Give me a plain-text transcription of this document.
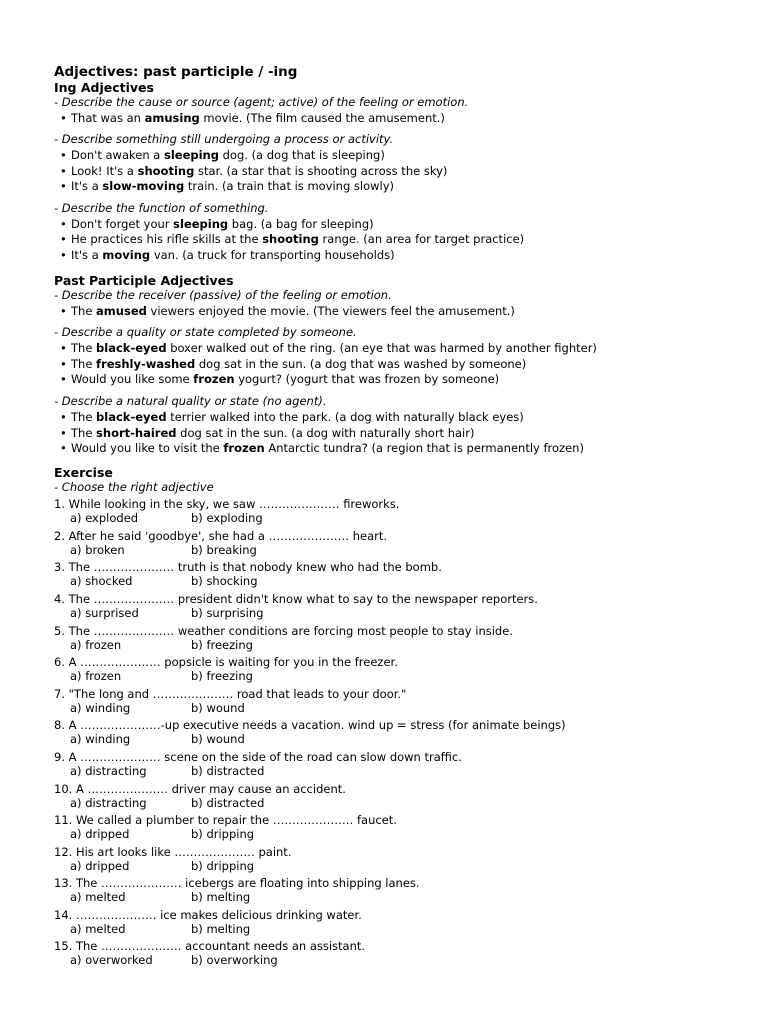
Adjectives: past participle / -ing
Ing Adjectives

- Describe the cause or source (agent; active) of the feeling or emotion.

• That was an amusing movie. (The film caused the amusement.)

- Describe something still undergoing a process or activity.

• Don't awaken a sleeping dog. (a dog that is sleeping)
• Look! It's a shooting star. (a star that is shooting across the sky)
• It's a slow-moving train. (a train that is moving slowly)

- Describe the function of something.

• Don't forget your sleeping bag. (a bag for sleeping)
• He practices his rifle skills at the shooting range. (an area for target practice)
• It's a moving van. (a truck for transporting households)
Past Participle Adjectives

- Describe the receiver (passive) of the feeling or emotion.

• The amused viewers enjoyed the movie. (The viewers feel the amusement.)

- Describe a quality or state completed by someone.

• The black-eyed boxer walked out of the ring. (an eye that was harmed by another fighter)
• The freshly-washed dog sat in the sun. (a dog that was washed by someone)
• Would you like some frozen yogurt? (yogurt that was frozen by someone)

- Describe a natural quality or state (no agent).

• The black-eyed terrier walked into the park. (a dog with naturally black eyes)
• The short-haired dog sat in the sun. (a dog with naturally short hair)
• Would you like to visit the frozen Antarctic tundra? (a region that is permanently frozen)
Exercise

- Choose the right adjective

1. While looking in the sky, we saw ………………… fireworks.

a) exploded	b) exploding

2. After he said 'goodbye', she had a ………………… heart.

a) broken	b) breaking

3. The ………………… truth is that nobody knew who had the bomb.

a) shocked	b) shocking

4. The ………………… president didn't know what to say to the newspaper reporters.

a) surprised	b) surprising

5. The ………………… weather conditions are forcing most people to stay inside.

a) frozen	b) freezing

6. A ………………… popsicle is waiting for you in the freezer.

a) frozen	b) freezing

7. "The long and ………………… road that leads to your door."

a) winding	b) wound

8. A …………………-up executive needs a vacation. wind up = stress (for animate beings)

a) winding	b) wound

9. A ………………… scene on the side of the road can slow down traffic.

a) distracting	b) distracted

10. A ………………… driver may cause an accident.

a) distracting	b) distracted

11. We called a plumber to repair the ………………… faucet.

a) dripped	b) dripping

12. His art looks like ………………… paint.

a) dripped	b) dripping

13. The ………………… icebergs are floating into shipping lanes.

a) melted	b) melting

14. ………………… ice makes delicious drinking water.

a) melted	b) melting

15. The ………………… accountant needs an assistant.

a) overworked	b) overworking
